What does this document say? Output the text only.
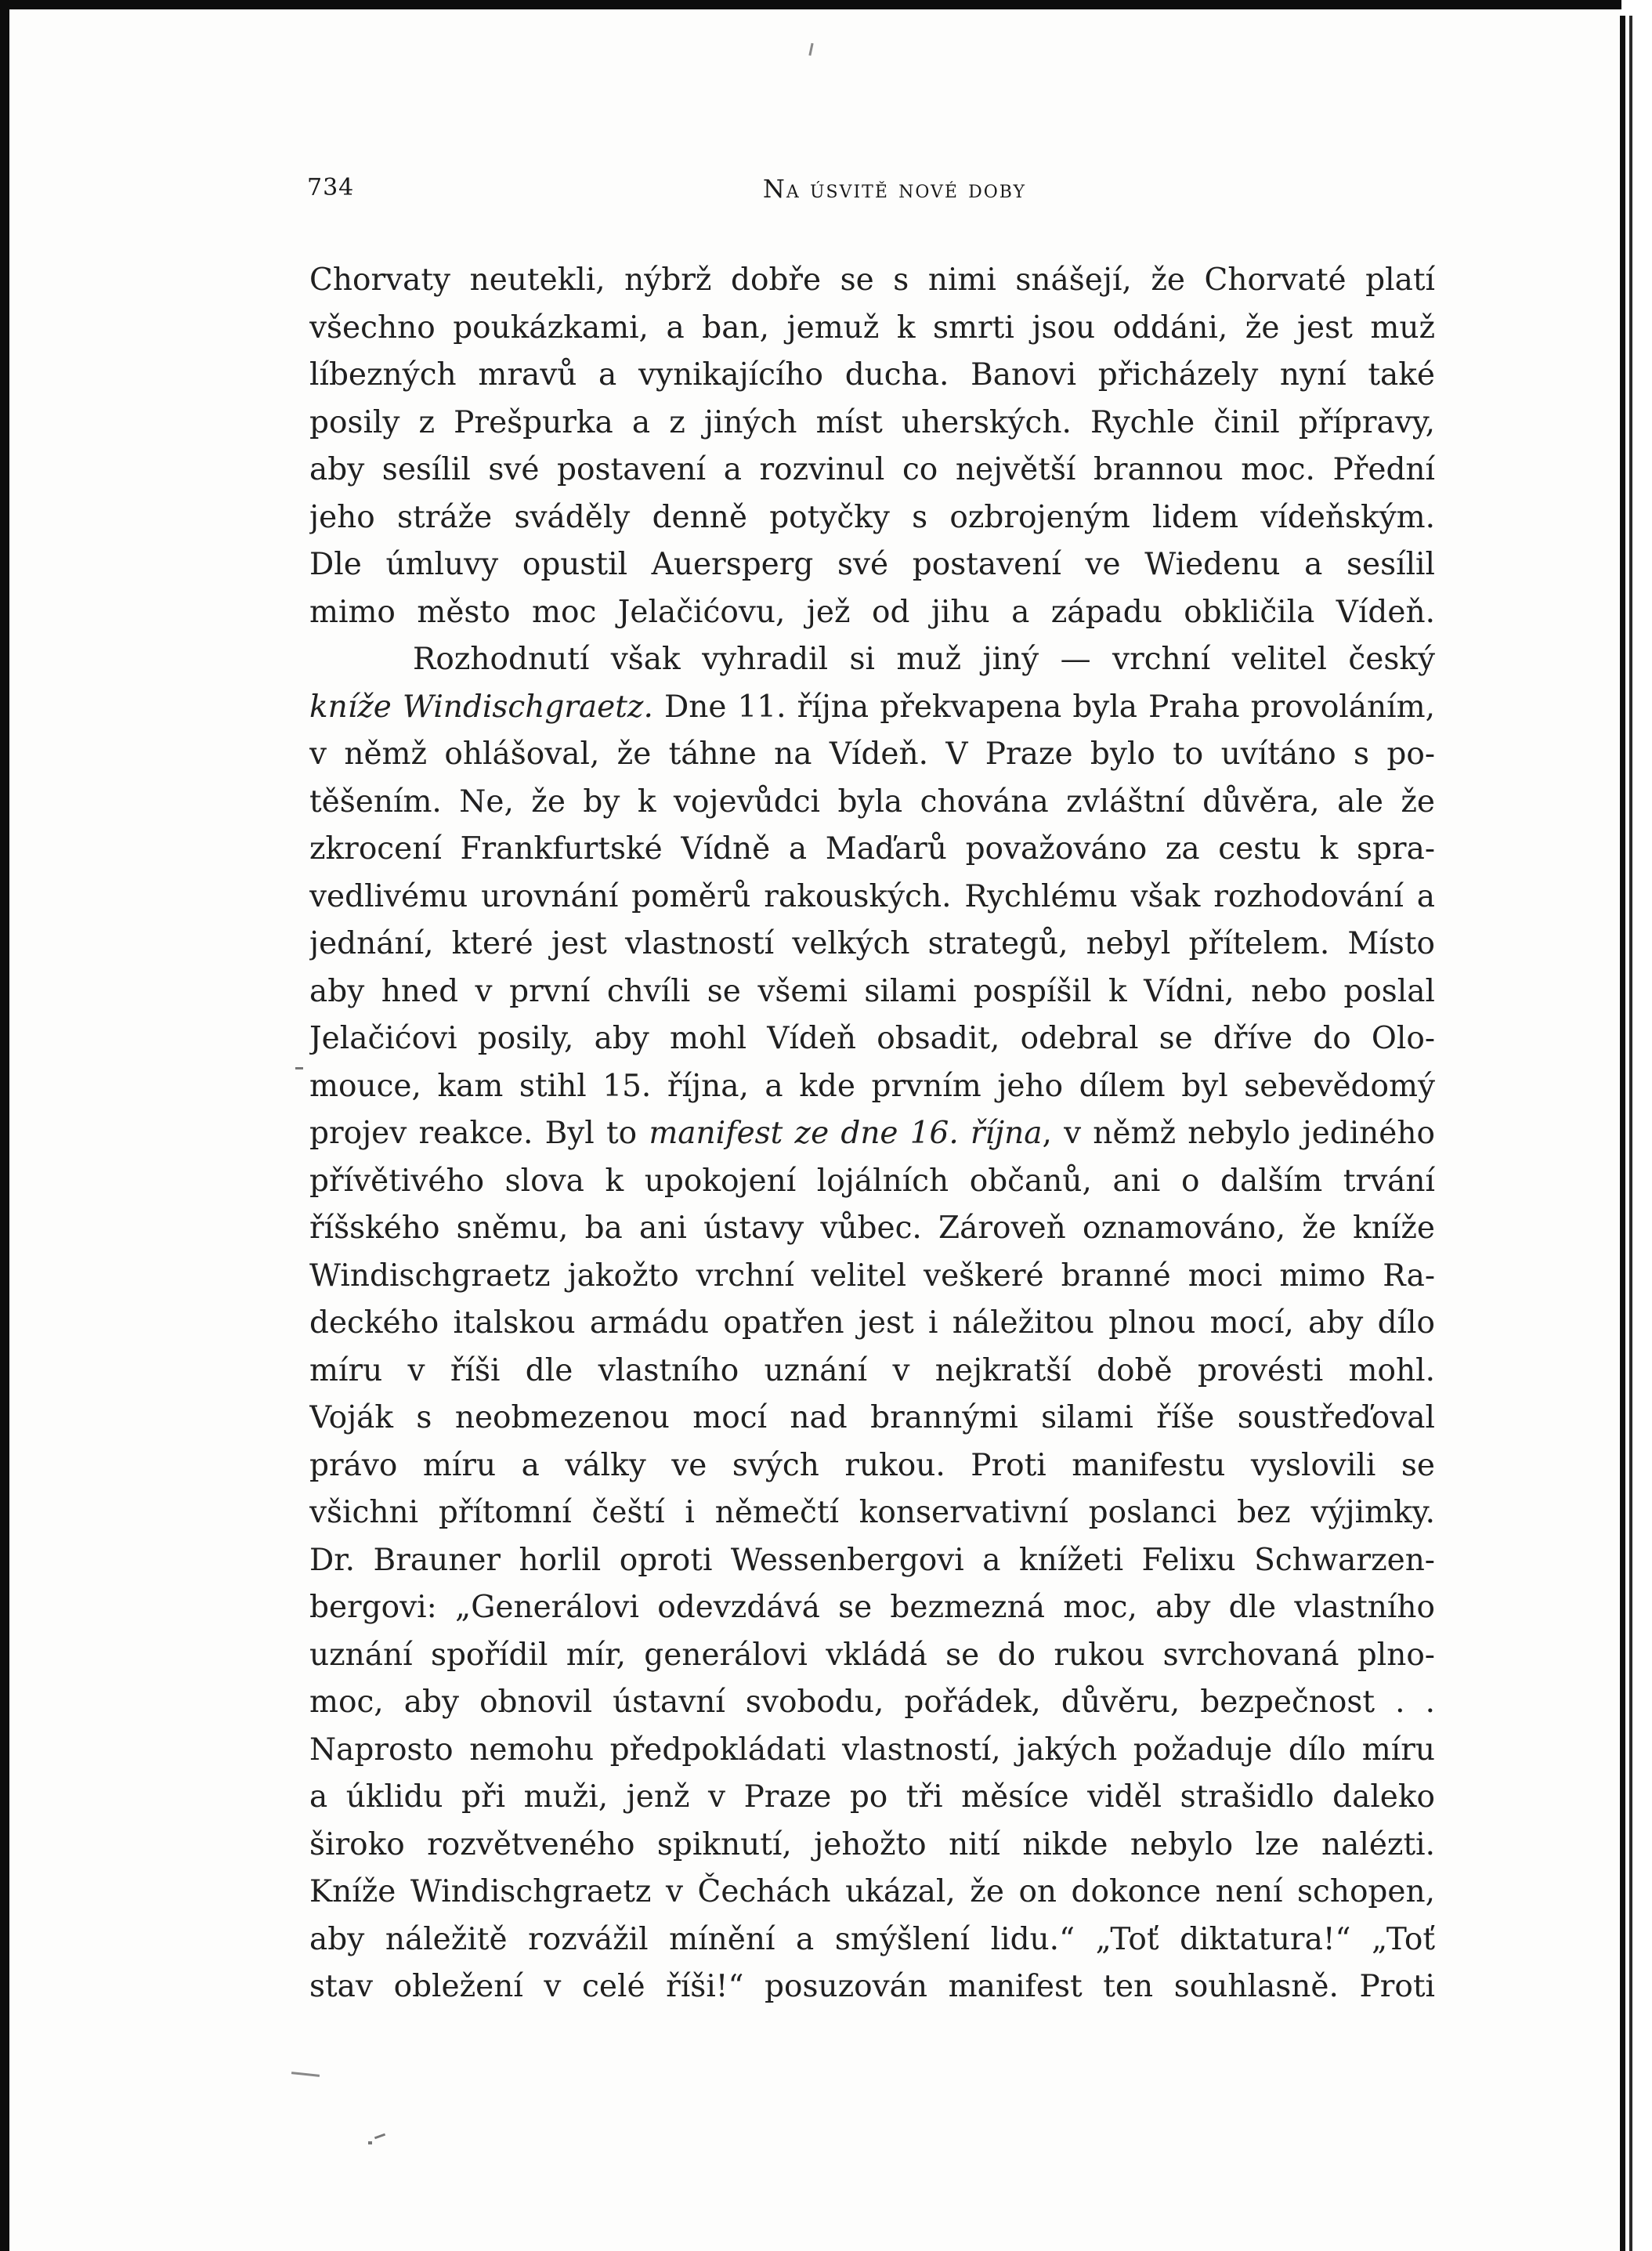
734	Na úsvitě nové doby
Chorvaty neutekli, nýbrž dobře se s nimi snášejí, že Chorvaté platí
všechno poukázkami, a ban, jemuž k smrti jsou oddáni, že jest muž
líbezných mravů a vynikajícího ducha. Banovi přicházely nyní také
posily z Prešpurka a z jiných míst uherských. Rychle činil přípravy,
aby sesílil své postavení a rozvinul co největší brannou moc. Přední
jeho stráže sváděly denně potyčky s ozbrojeným lidem vídeňským.
Dle úmluvy opustil Auersperg své postavení ve Wiedenu a sesílil
mimo město moc Jelačićovu, jež od jihu a západu obkličila Vídeň.
Rozhodnutí však vyhradil si muž jiný — vrchní velitel český
kníže Windischgraetz. Dne 11. října překvapena byla Praha provoláním,
v němž ohlášoval, že táhne na Vídeň. V Praze bylo to uvítáno s po-
těšením. Ne, že by k vojevůdci byla chována zvláštní důvěra, ale že
zkrocení Frankfurtské Vídně a Maďarů považováno za cestu k spra-
vedlivému urovnání poměrů rakouských. Rychlému však rozhodování a
jednání, které jest vlastností velkých strategů, nebyl přítelem. Místo
aby hned v první chvíli se všemi silami pospíšil k Vídni, nebo poslal
Jelačićovi posily, aby mohl Vídeň obsadit, odebral se dříve do Olo-
mouce, kam stihl 15. října, a kde prvním jeho dílem byl sebevědomý
projev reakce. Byl to manifest ze dne 16. října, v němž nebylo jediného
přívětivého slova k upokojení lojálních občanů, ani o dalším trvání
říšského sněmu, ba ani ústavy vůbec. Zároveň oznamováno, že kníže
Windischgraetz jakožto vrchní velitel veškeré branné moci mimo Ra-
deckého italskou armádu opatřen jest i náležitou plnou mocí, aby dílo
míru v říši dle vlastního uznání v nejkratší době provésti mohl.
Voják s neobmezenou mocí nad brannými silami říše soustřeďoval
právo míru a války ve svých rukou. Proti manifestu vyslovili se
všichni přítomní čeští i němečtí konservativní poslanci bez výjimky.
Dr. Brauner horlil oproti Wessenbergovi a knížeti Felixu Schwarzen-
bergovi: „Generálovi odevzdává se bezmezná moc, aby dle vlastního
uznání spořídil mír, generálovi vkládá se do rukou svrchovaná plno-
moc, aby obnovil ústavní svobodu, pořádek, důvěru, bezpečnost . .
Naprosto nemohu předpokládati vlastností, jakých požaduje dílo míru
a úklidu při muži, jenž v Praze po tři měsíce viděl strašidlo daleko
široko rozvětveného spiknutí, jehožto nití nikde nebylo lze nalézti.
Kníže Windischgraetz v Čechách ukázal, že on dokonce není schopen,
aby náležitě rozvážil mínění a smýšlení lidu.“ „Toť diktatura!“ „Toť
stav obležení v celé říši!“ posuzován manifest ten souhlasně. Proti
